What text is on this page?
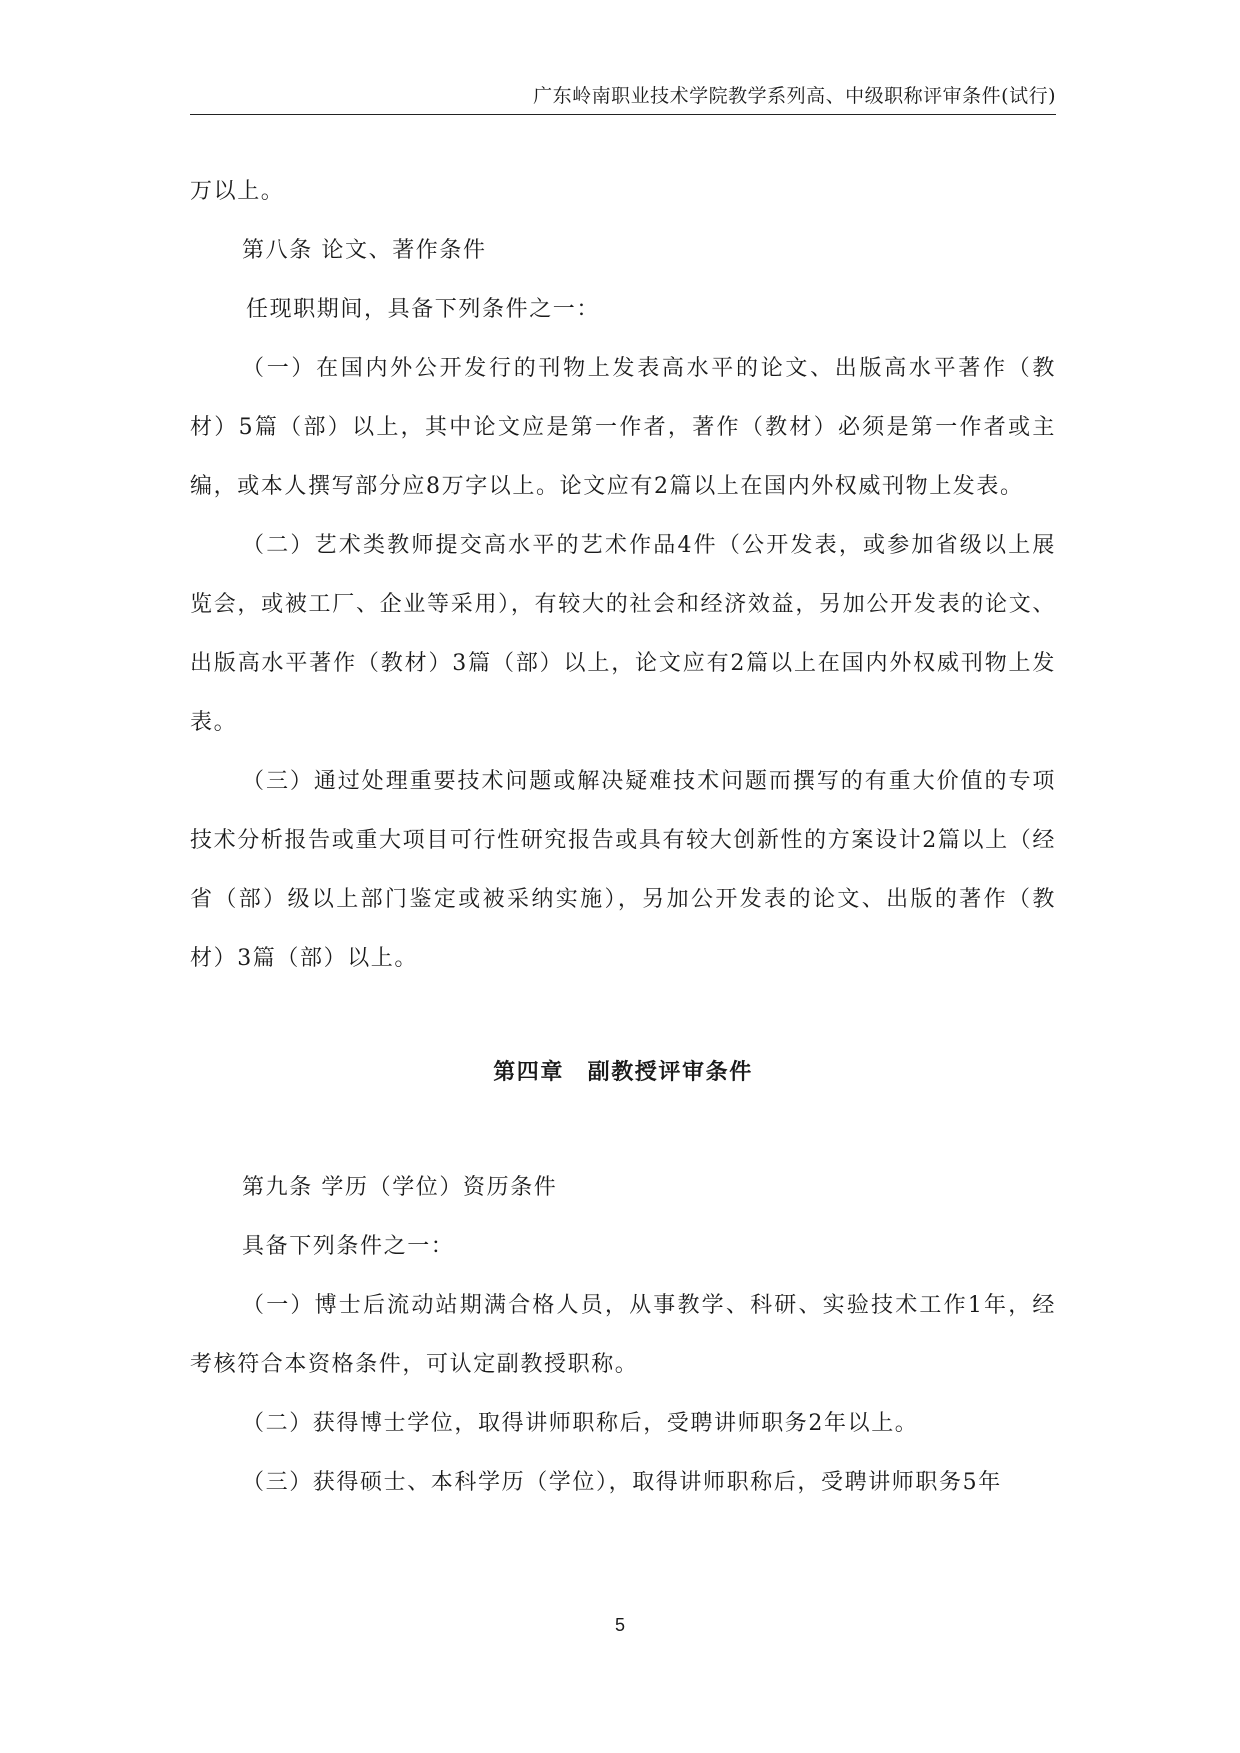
广东岭南职业技术学院教学系列高、中级职称评审条件(试行)

万以上。

第八条 论文、著作条件

任现职期间，具备下列条件之一：

（一）在国内外公开发行的刊物上发表高水平的论文、出版高水平著作（教材）5篇（部）以上，其中论文应是第一作者，著作（教材）必须是第一作者或主编，或本人撰写部分应8万字以上。论文应有2篇以上在国内外权威刊物上发表。

（二）艺术类教师提交高水平的艺术作品4件（公开发表，或参加省级以上展览会，或被工厂、企业等采用），有较大的社会和经济效益，另加公开发表的论文、出版高水平著作（教材）3篇（部）以上，论文应有2篇以上在国内外权威刊物上发表。

（三）通过处理重要技术问题或解决疑难技术问题而撰写的有重大价值的专项技术分析报告或重大项目可行性研究报告或具有较大创新性的方案设计2篇以上（经省（部）级以上部门鉴定或被采纳实施），另加公开发表的论文、出版的著作（教材）3篇（部）以上。

第四章　副教授评审条件

第九条 学历（学位）资历条件

具备下列条件之一：

（一）博士后流动站期满合格人员，从事教学、科研、实验技术工作1年，经考核符合本资格条件，可认定副教授职称。

（二）获得博士学位，取得讲师职称后，受聘讲师职务2年以上。

（三）获得硕士、本科学历（学位），取得讲师职称后，受聘讲师职务5年

5
